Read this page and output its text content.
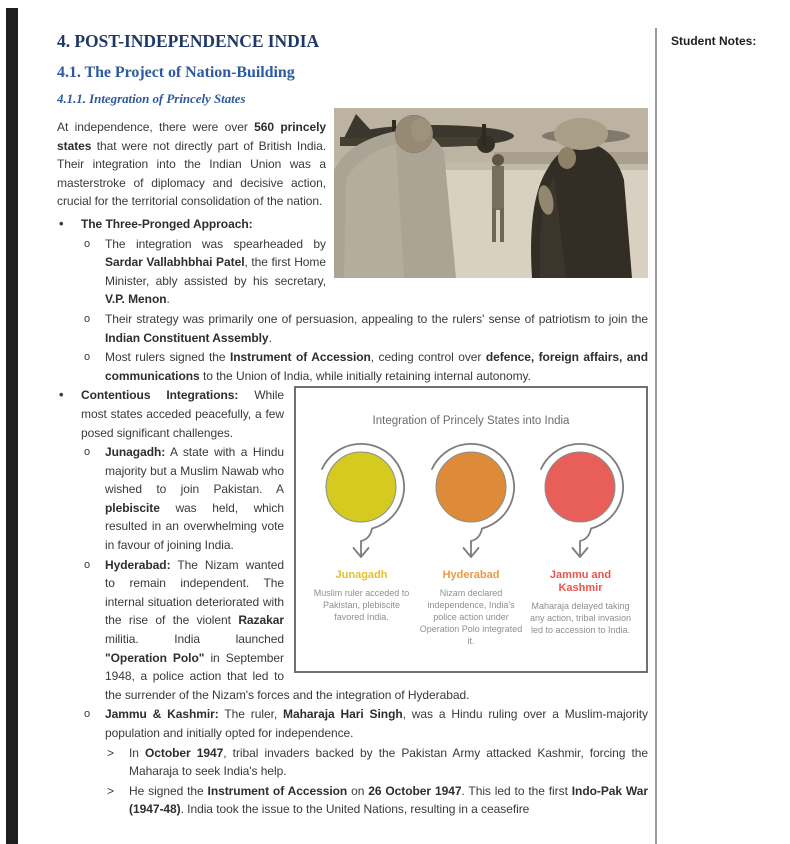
Student Notes:
4. POST-INDEPENDENCE INDIA
4.1. The Project of Nation-Building
4.1.1. Integration of Princely States
At independence, there were over 560 princely states that were not directly part of British India. Their integration into the Indian Union was a masterstroke of diplomacy and decisive action, crucial for the territorial consolidation of the nation.
• The Three-Pronged Approach:
o The integration was spearheaded by Sardar Vallabhbhai Patel, the first Home Minister, ably assisted by his secretary, V.P. Menon.
o Their strategy was primarily one of persuasion, appealing to the rulers' sense of patriotism to join the Indian Constituent Assembly.
o Most rulers signed the Instrument of Accession, ceding control over defence, foreign affairs, and communications to the Union of India, while initially retaining internal autonomy.
Integration of Princely States into India
Junagadh
Muslim ruler acceded to Pakistan, plebiscite favored India.
Hyderabad
Nizam declared independence, India's police action under Operation Polo integrated it.
Jammu and Kashmir
Maharaja delayed taking any action, tribal invasion led to accession to India.
• Contentious Integrations: While most states acceded peacefully, a few posed significant challenges.
o Junagadh: A state with a Hindu majority but a Muslim Nawab who wished to join Pakistan. A plebiscite was held, which resulted in an overwhelming vote in favour of joining India.
o Hyderabad: The Nizam wanted to remain independent. The internal situation deteriorated with the rise of the violent Razakar militia. India launched "Operation Polo" in September 1948, a police action that led to the surrender of the Nizam's forces and the integration of Hyderabad.
o Jammu & Kashmir: The ruler, Maharaja Hari Singh, was a Hindu ruling over a Muslim-majority population and initially opted for independence.
> In October 1947, tribal invaders backed by the Pakistan Army attacked Kashmir, forcing the Maharaja to seek India's help.
> He signed the Instrument of Accession on 26 October 1947. This led to the first Indo-Pak War (1947-48). India took the issue to the United Nations, resulting in a ceasefire
